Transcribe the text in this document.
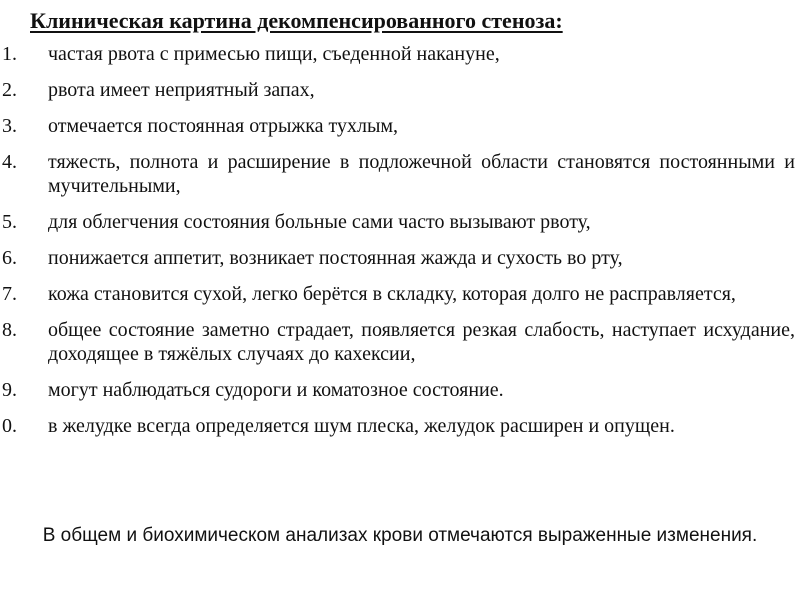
Клиническая картина декомпенсированного стеноза:
1.	частая рвота с примесью пищи, съеденной накануне,
2.	рвота имеет неприятный запах,
3.	отмечается постоянная отрыжка тухлым,
4.	тяжесть, полнота и расширение в подложечной области становятся постоянными и мучительными,
5.	для облегчения состояния больные сами часто вызывают рвоту,
6.	понижается аппетит, возникает постоянная жажда и сухость во рту,
7.	кожа становится сухой, легко берётся в складку, которая долго не расправляется,
8.	общее состояние заметно страдает, появляется резкая слабость, наступает исхудание, доходящее в тяжёлых случаях до кахексии,
9.	могут наблюдаться судороги и коматозное состояние.
0.	в желудке всегда определяется шум плеска, желудок расширен и опущен.
В общем и биохимическом анализах крови отмечаются выраженные изменения.
